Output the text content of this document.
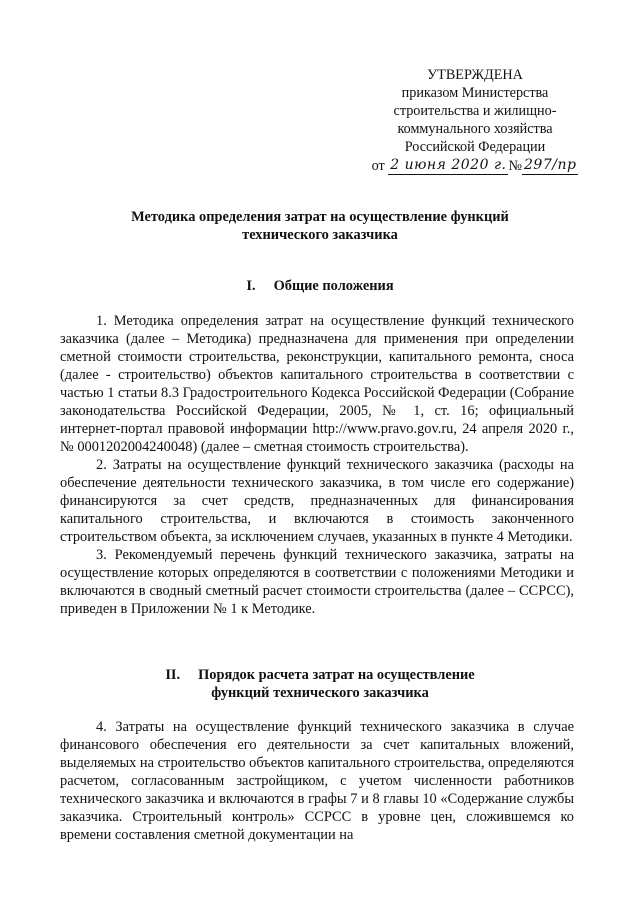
УТВЕРЖДЕНА
приказом Министерства
строительства и жилищно-
коммунального хозяйства
Российской Федерации
от
2 июня 2020 г. № 297/пр
Методика определения затрат на осуществление функций
технического заказчика
I.  Общие положения

1. Методика определения затрат на осуществление функций технического заказчика (далее – Методика) предназначена для применения при определении сметной стоимости строительства, реконструкции, капитального ремонта, сноса (далее - строительство) объектов капитального строительства в соответствии с частью 1 статьи 8.3 Градостроительного Кодекса Российской Федерации (Собрание законодательства Российской Федерации, 2005, № 1, ст. 16; официальный интернет-портал правовой информации http://www.pravo.gov.ru, 24 апреля 2020 г., № 0001202004240048) (далее – сметная стоимость строительства).

2. Затраты на осуществление функций технического заказчика (расходы на обеспечение деятельности технического заказчика, в том числе его содержание) финансируются за счет средств, предназначенных для финансирования капитального строительства, и включаются в стоимость законченного строительством объекта, за исключением случаев, указанных в пункте 4 Методики.

3. Рекомендуемый перечень функций технического заказчика, затраты на осуществление которых определяются в соответствии с положениями Методики и включаются в сводный сметный расчет стоимости строительства (далее – ССРСС), приведен в Приложении № 1 к Методике.

II.  Порядок расчета затрат на осуществление
функций технического заказчика

4. Затраты на осуществление функций технического заказчика в случае финансового обеспечения его деятельности за счет капитальных вложений, выделяемых на строительство объектов капитального строительства, определяются расчетом, согласованным застройщиком, с учетом численности работников технического заказчика и включаются в графы 7 и 8 главы 10 «Содержание службы заказчика. Строительный контроль» ССРСС в уровне цен, сложившемся ко времени составления сметной документации на
